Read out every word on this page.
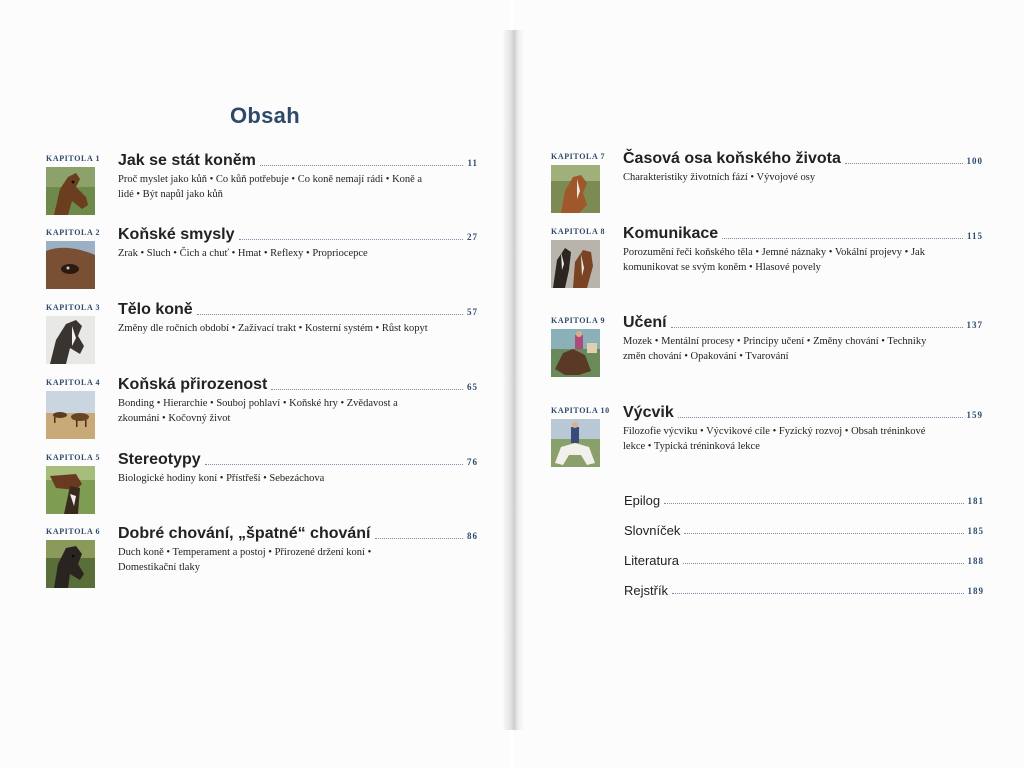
Obsah
KAPITOLA 1 Jak se stát koněm	11
Proč myslet jako kůň • Co kůň potřebuje • Co koně nemají rádi • Koně a lidé • Být napůl jako kůň
KAPITOLA 2 Koňské smysly	27
Zrak • Sluch • Čich a chuť • Hmat • Reflexy • Propriocepce
KAPITOLA 3 Tělo koně	57
Změny dle ročních období • Zažívací trakt • Kosterní systém • Růst kopyt
KAPITOLA 4 Koňská přirozenost	65
Bonding • Hierarchie • Souboj pohlaví • Koňské hry • Zvědavost a zkoumání • Kočovný život
KAPITOLA 5 Stereotypy	76
Biologické hodiny koní • Přístřeší • Sebezáchova
KAPITOLA 6 Dobré chování, „špatné“ chování	86
Duch koně • Temperament a postoj • Přirozené držení koní • Domestikační tlaky
KAPITOLA 7 Časová osa koňského života	100
Charakteristiky životních fází • Vývojové osy
KAPITOLA 8 Komunikace	115
Porozumění řeči koňského těla • Jemné náznaky • Vokální projevy • Jak komunikovat se svým koněm • Hlasové povely
KAPITOLA 9 Učení	137
Mozek • Mentální procesy • Principy učení • Změny chování • Techniky změn chování • Opakování • Tvarování
KAPITOLA 10 Výcvik	159
Filozofie výcviku • Výcvikové cíle • Fyzický rozvoj • Obsah tréninkové lekce • Typická tréninková lekce
Epilog	181
Slovníček	185
Literatura	188
Rejstřík	189
